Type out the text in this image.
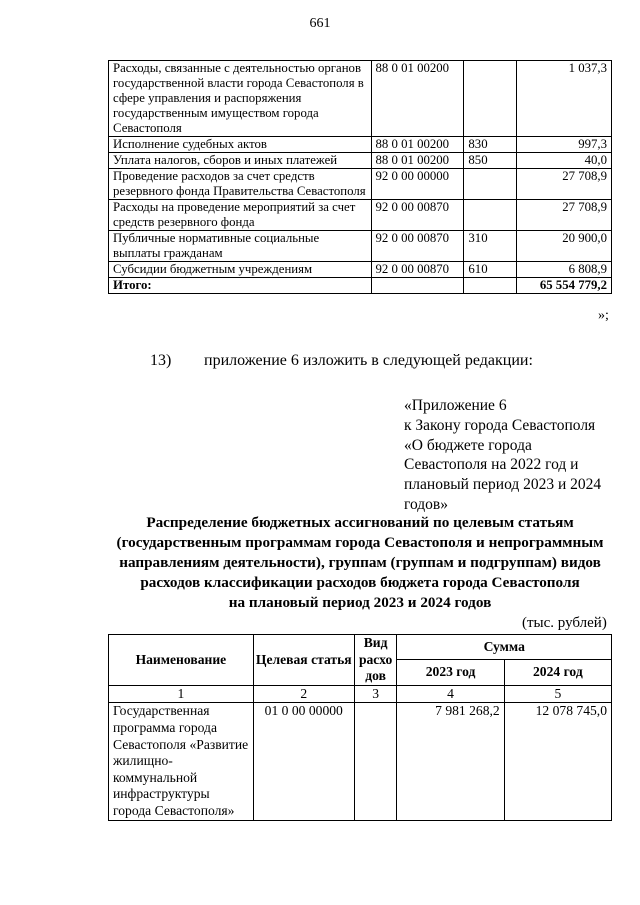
661
Расходы, связанные с деятельностью органов государственной власти города Севастополя в сфере управления и распоряжения государственным имуществом города Севастополя	88 0 01 00200		1 037,3
Исполнение судебных актов	88 0 01 00200	830	997,3
Уплата налогов, сборов и иных платежей	88 0 01 00200	850	40,0
Проведение расходов за счет средств резервного фонда Правительства Севастополя	92 0 00 00000		27 708,9
Расходы на проведение мероприятий за счет средств резервного фонда	92 0 00 00870		27 708,9
Публичные нормативные социальные выплаты гражданам	92 0 00 00870	310	20 900,0
Субсидии бюджетным учреждениям	92 0 00 00870	610	6 808,9
Итого:			65 554 779,2
»;
13) приложение 6 изложить в следующей редакции:
«Приложение 6
к Закону города Севастополя
«О бюджете города
Севастополя на 2022 год и
плановый период 2023 и 2024
годов»
Распределение бюджетных ассигнований по целевым статьям
(государственным программам города Севастополя и непрограммным
направлениям деятельности), группам (группам и подгруппам) видов
расходов классификации расходов бюджета города Севастополя
на плановый период 2023 и 2024 годов
(тыс. рублей)
Наименование	Целевая статья	Вид расхо дов	Сумма	
			2023 год	2024 год
1	2	3	4	5
Государственная программа города Севастополя «Развитие жилищно-коммунальной инфраструктуры города Севастополя»	01 0 00 00000		7 981 268,2	12 078 745,0
